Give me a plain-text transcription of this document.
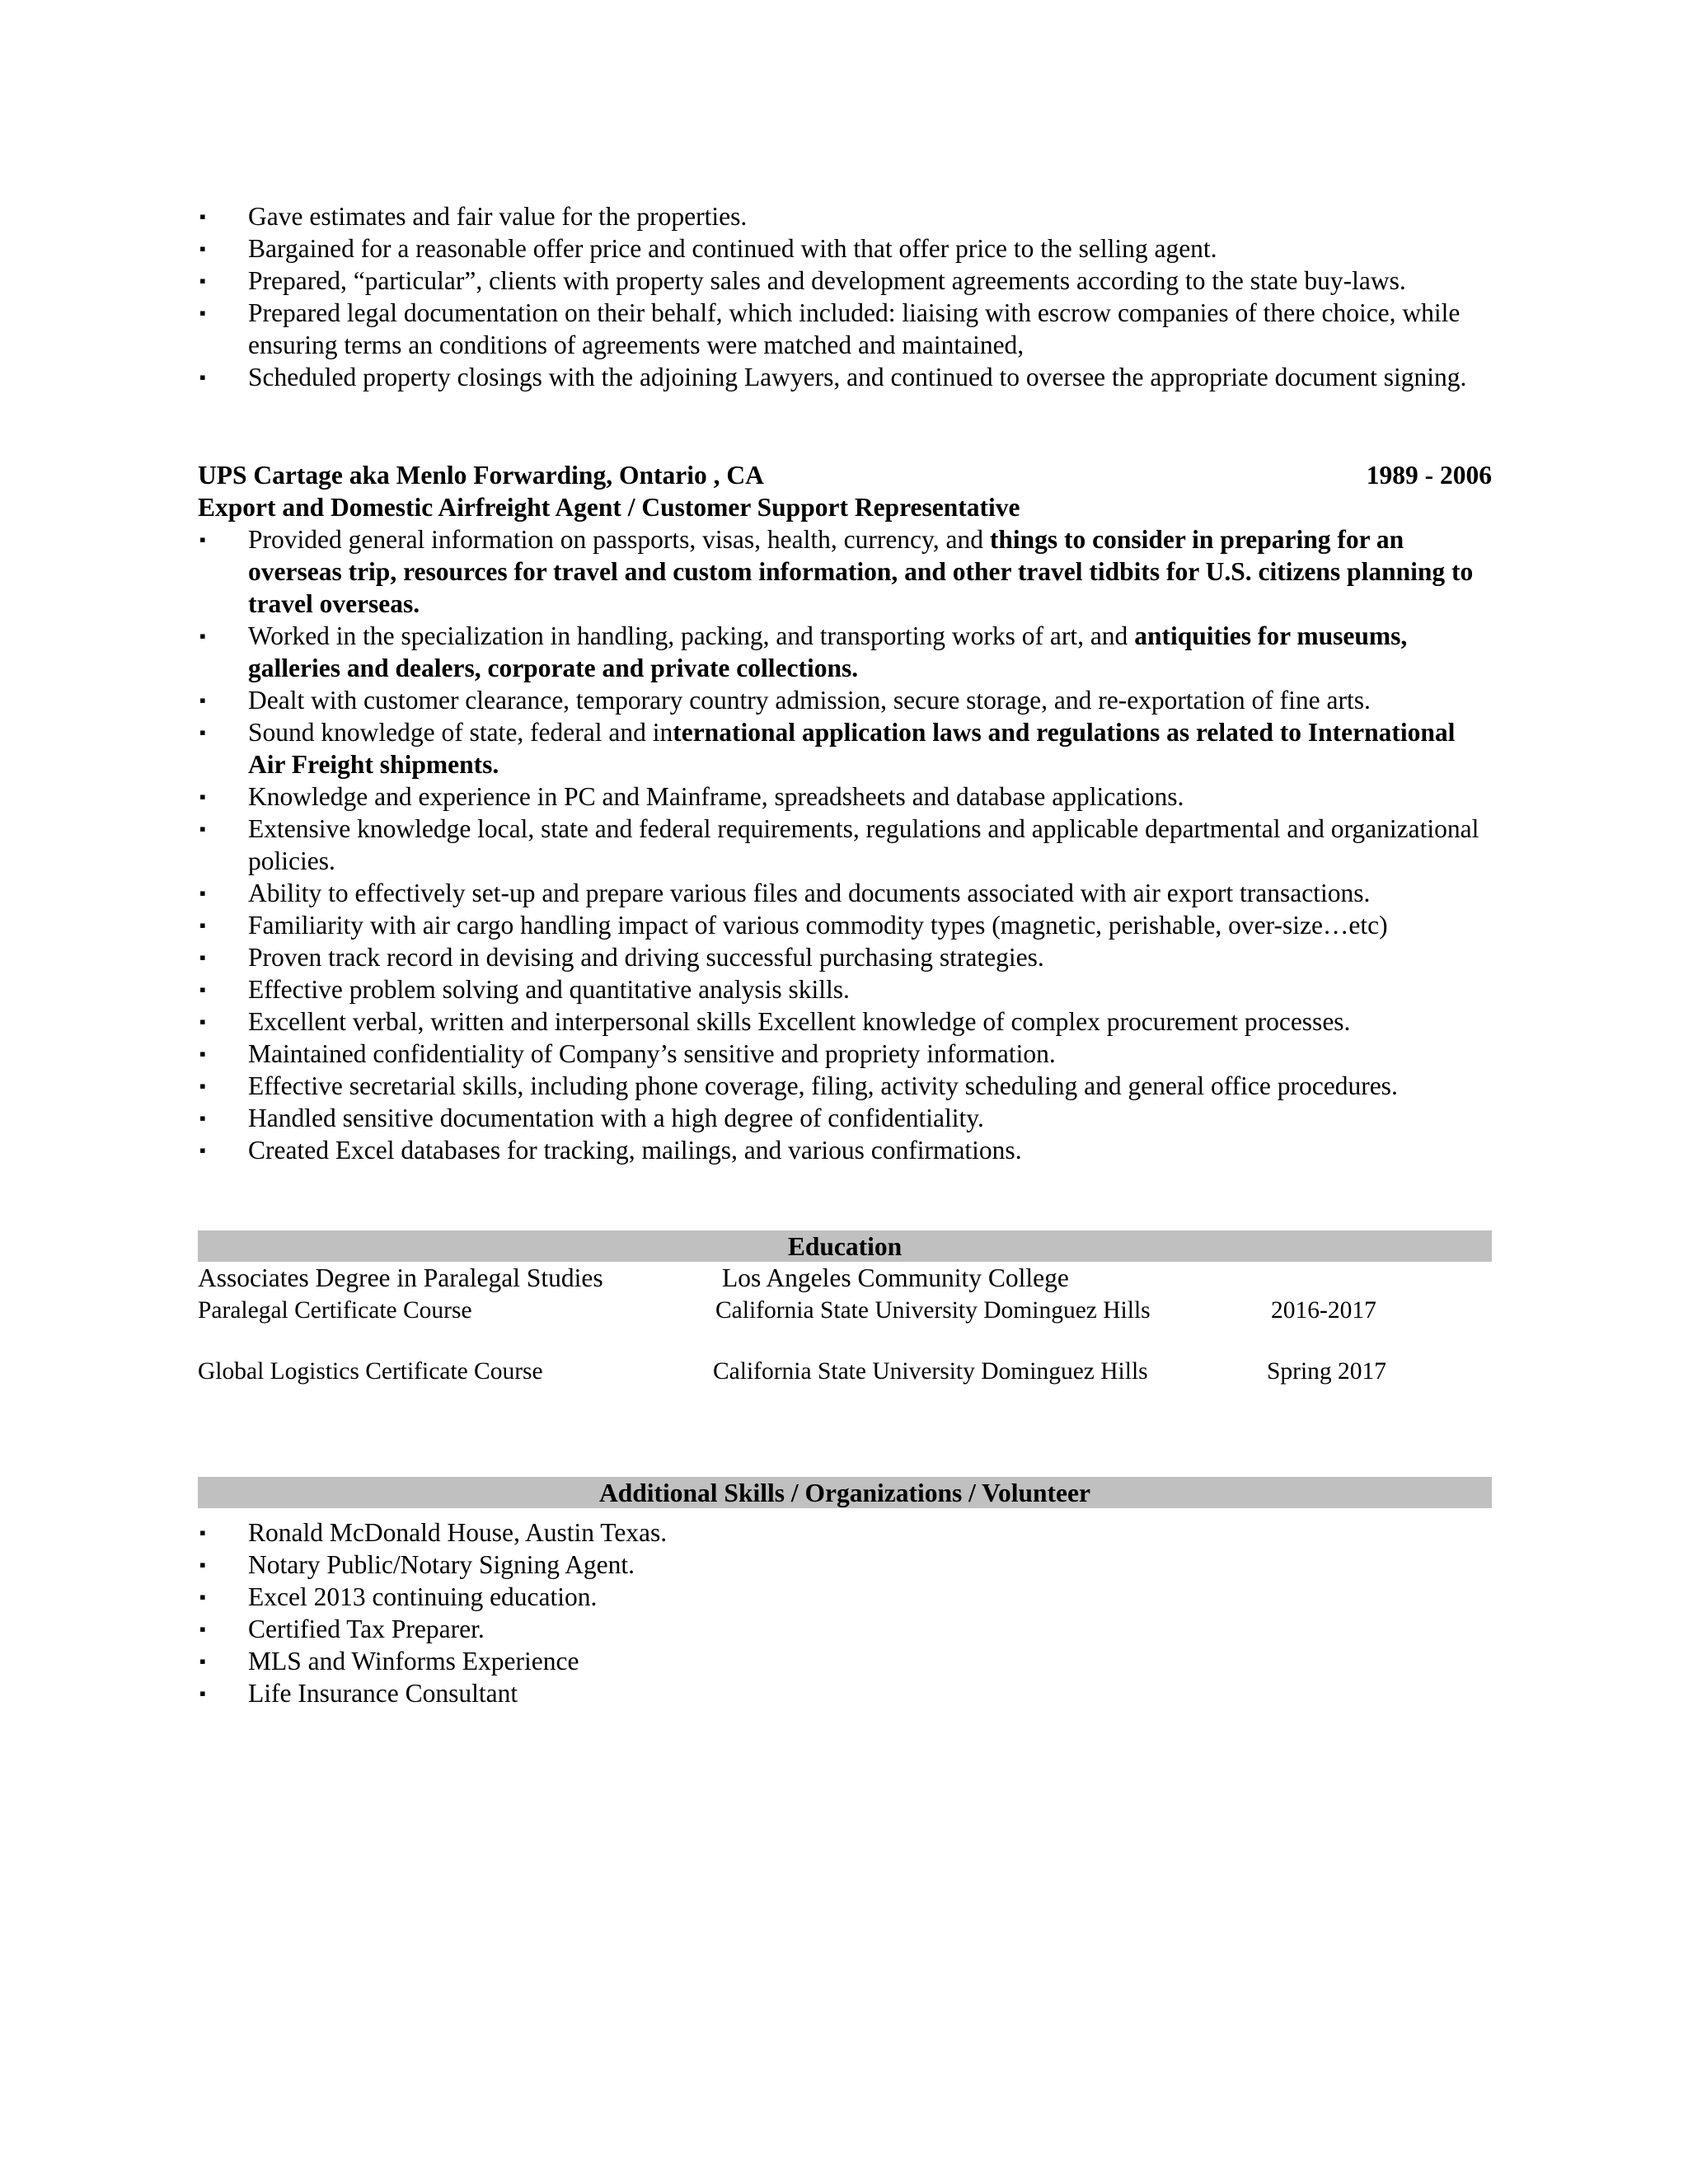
▪	Gave estimates and fair value for the properties.
▪	Bargained for a reasonable offer price and continued with that offer price to the selling agent.
▪	Prepared, “particular”, clients with property sales and development agreements according to the state buy-laws.
▪	Prepared legal documentation on their behalf, which included: liaising with escrow companies of there choice, while ensuring terms an conditions of agreements were matched and maintained,
▪	Scheduled property closings with the adjoining Lawyers, and continued to oversee the appropriate document signing.
UPS Cartage aka Menlo Forwarding, Ontario , CA	1989 - 2006
Export and Domestic Airfreight Agent / Customer Support Representative
▪	Provided general information on passports, visas, health, currency, and things to consider in preparing for an overseas trip, resources for travel and custom information, and other travel tidbits for U.S. citizens planning to travel overseas.
▪	Worked in the specialization in handling, packing, and transporting works of art, and antiquities for museums, galleries and dealers, corporate and private collections.
▪	Dealt with customer clearance, temporary country admission, secure storage, and re-exportation of fine arts.
▪	Sound knowledge of state, federal and international application laws and regulations as related to International Air Freight shipments.
▪	Knowledge and experience in PC and Mainframe, spreadsheets and database applications.
▪	Extensive knowledge local, state and federal requirements, regulations and applicable departmental and organizational policies.
▪	Ability to effectively set-up and prepare various files and documents associated with air export transactions.
▪	Familiarity with air cargo handling impact of various commodity types (magnetic, perishable, over-size…etc)
▪	Proven track record in devising and driving successful purchasing strategies.
▪	Effective problem solving and quantitative analysis skills.
▪	Excellent verbal, written and interpersonal skills Excellent knowledge of complex procurement processes.
▪	Maintained confidentiality of Company’s sensitive and propriety information.
▪	Effective secretarial skills, including phone coverage, filing, activity scheduling and general office procedures.
▪	Handled sensitive documentation with a high degree of confidentiality.
▪	Created Excel databases for tracking, mailings, and various confirmations.
Education
Associates Degree in Paralegal Studies	Los Angeles Community College
Paralegal Certificate Course	California State University Dominguez Hills	2016-2017
Global Logistics Certificate Course	California State University Dominguez Hills	Spring 2017
Additional Skills / Organizations / Volunteer
▪	Ronald McDonald House, Austin Texas.
▪	Notary Public/Notary Signing Agent.
▪	Excel 2013 continuing education.
▪	Certified Tax Preparer.
▪	MLS and Winforms Experience
▪	Life Insurance Consultant
